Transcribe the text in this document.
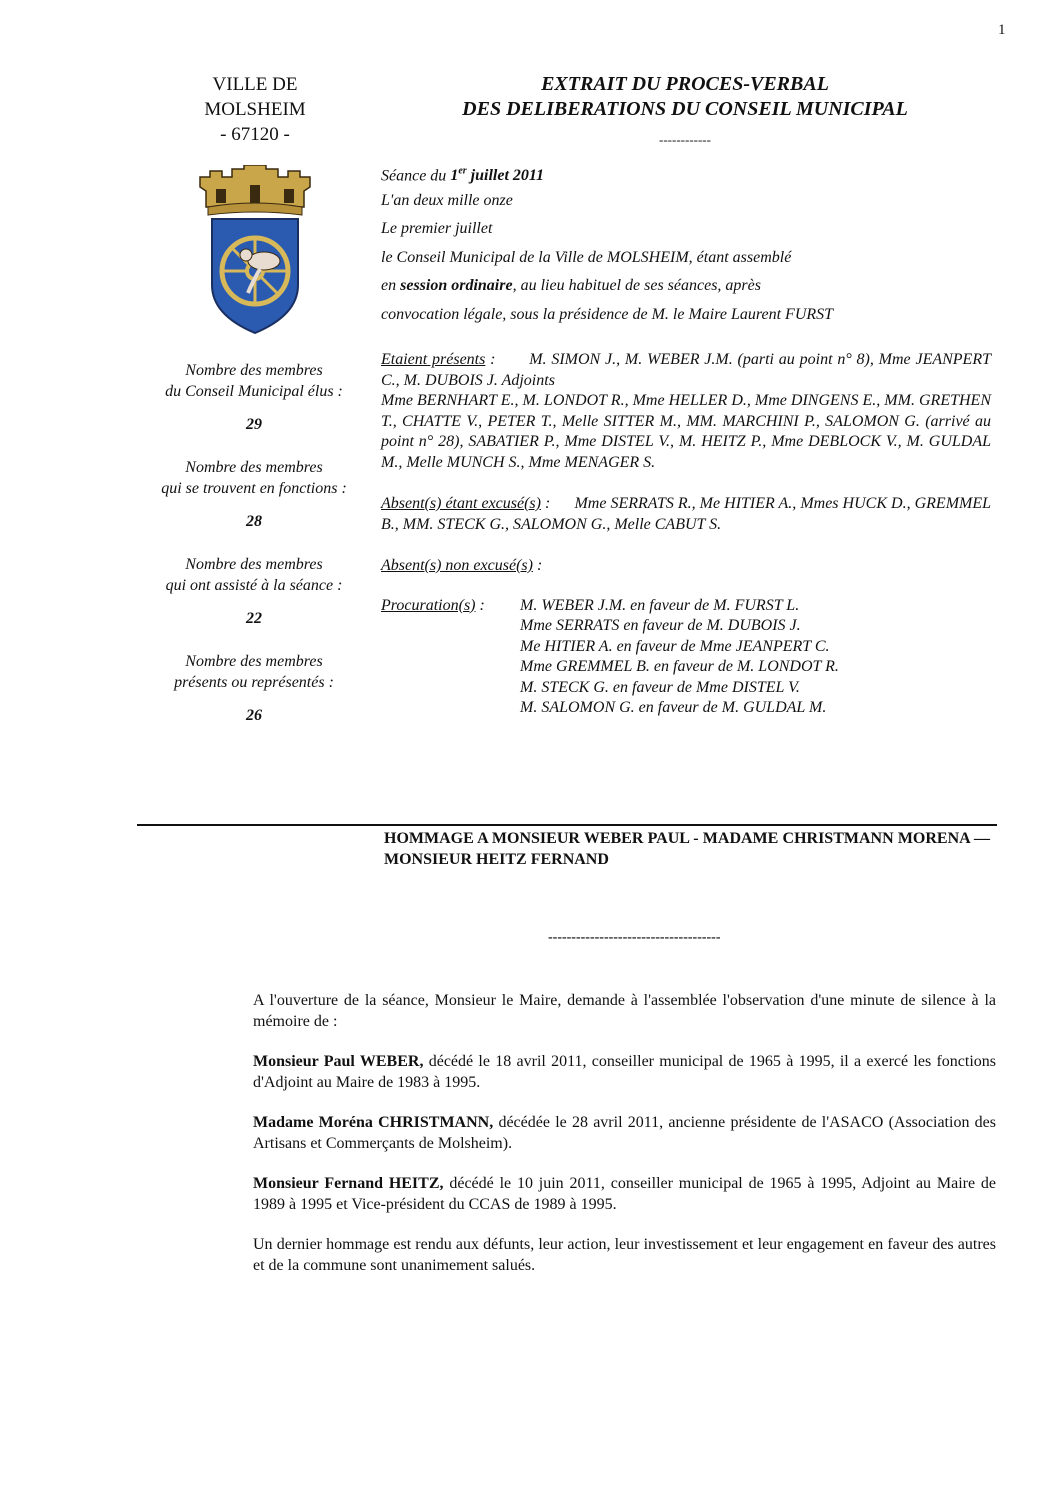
1
VILLE DE
MOLSHEIM
- 67120 -
EXTRAIT DU PROCES-VERBAL
DES DELIBERATIONS DU CONSEIL MUNICIPAL
------------
Séance du 1er juillet 2011
L'an deux mille onze
Le premier juillet
le Conseil Municipal de la Ville de MOLSHEIM, étant assemblé
en session ordinaire, au lieu habituel de ses séances, après
convocation légale, sous la présidence de M. le Maire Laurent FURST
Nombre des membres
du Conseil Municipal élus :
29
Nombre des membres
qui se trouvent en fonctions :
28
Nombre des membres
qui ont assisté à la séance :
22
Nombre des membres
présents ou représentés :
26
Etaient présents : M. SIMON J., M. WEBER J.M. (parti au point n° 8), Mme JEANPERT C., M. DUBOIS J. Adjoints
Mme BERNHART E., M. LONDOT R., Mme HELLER D., Mme DINGENS E., MM. GRETHEN T., CHATTE V., PETER T., Melle SITTER M., MM. MARCHINI P., SALOMON G. (arrivé au point n° 28), SABATIER P., Mme DISTEL V., M. HEITZ P., Mme DEBLOCK V., M. GULDAL M., Melle MUNCH S., Mme MENAGER S.
Absent(s) étant excusé(s) : Mme SERRATS R., Me HITIER A., Mmes HUCK D., GREMMEL B., MM. STECK G., SALOMON G., Melle CABUT S.
Absent(s) non excusé(s) :
Procuration(s) :	M. WEBER J.M. en faveur de M. FURST L.
Mme SERRATS en faveur de M. DUBOIS J.
Me HITIER A. en faveur de Mme JEANPERT C.
Mme GREMMEL B. en faveur de M. LONDOT R.
M. STECK G. en faveur de Mme DISTEL V.
M. SALOMON G. en faveur de M. GULDAL M.
HOMMAGE A MONSIEUR WEBER PAUL - MADAME CHRISTMANN MORENA — MONSIEUR HEITZ FERNAND
-------------------------------------

A l'ouverture de la séance, Monsieur le Maire, demande à l'assemblée l'observation d'une minute de silence à la mémoire de :

Monsieur Paul WEBER, décédé le 18 avril 2011, conseiller municipal de 1965 à 1995, il a exercé les fonctions d'Adjoint au Maire de 1983 à 1995.

Madame Moréna CHRISTMANN, décédée le 28 avril 2011, ancienne présidente de l'ASACO (Association des Artisans et Commerçants de Molsheim).

Monsieur Fernand HEITZ, décédé le 10 juin 2011, conseiller municipal de 1965 à 1995, Adjoint au Maire de 1989 à 1995 et Vice-président du CCAS de 1989 à 1995.

Un dernier hommage est rendu aux défunts, leur action, leur investissement et leur engagement en faveur des autres et de la commune sont unanimement salués.
